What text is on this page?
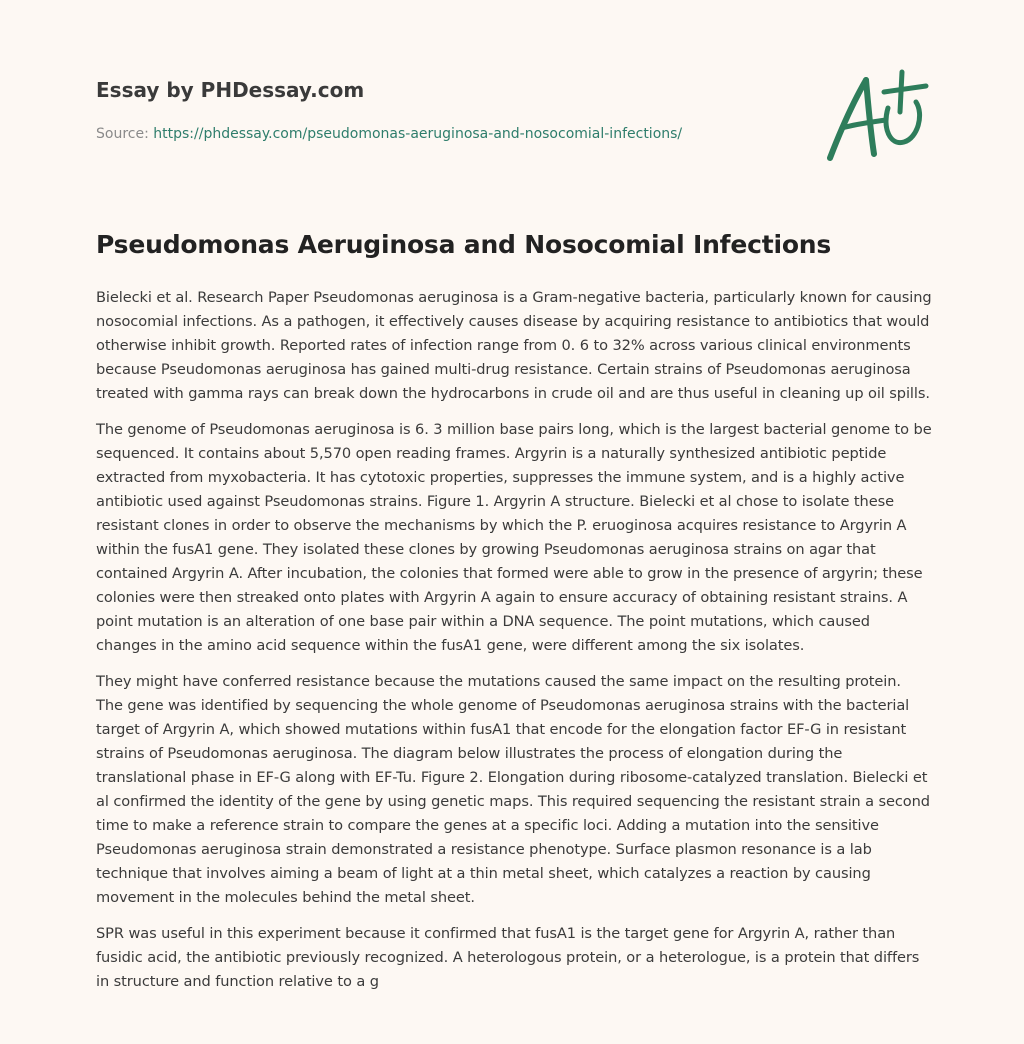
Essay by PHDessay.com
Source: https://phdessay.com/pseudomonas-aeruginosa-and-nosocomial-infections/
Pseudomonas Aeruginosa and Nosocomial Infections

Bielecki et al. Research Paper Pseudomonas aeruginosa is a Gram-negative bacteria, particularly known for causing nosocomial infections. As a pathogen, it effectively causes disease by acquiring resistance to antibiotics that would otherwise inhibit growth. Reported rates of infection range from 0. 6 to 32% across various clinical environments because Pseudomonas aeruginosa has gained multi-drug resistance. Certain strains of Pseudomonas aeruginosa treated with gamma rays can break down the hydrocarbons in crude oil and are thus useful in cleaning up oil spills.

The genome of Pseudomonas aeruginosa is 6. 3 million base pairs long, which is the largest bacterial genome to be sequenced. It contains about 5,570 open reading frames. Argyrin is a naturally synthesized antibiotic peptide extracted from myxobacteria. It has cytotoxic properties, suppresses the immune system, and is a highly active antibiotic used against Pseudomonas strains. Figure 1. Argyrin A structure. Bielecki et al chose to isolate these resistant clones in order to observe the mechanisms by which the P. eruoginosa acquires resistance to Argyrin A within the fusA1 gene. They isolated these clones by growing Pseudomonas aeruginosa strains on agar that contained Argyrin A. After incubation, the colonies that formed were able to grow in the presence of argyrin; these colonies were then streaked onto plates with Argyrin A again to ensure accuracy of obtaining resistant strains. A point mutation is an alteration of one base pair within a DNA sequence. The point mutations, which caused changes in the amino acid sequence within the fusA1 gene, were different among the six isolates.

They might have conferred resistance because the mutations caused the same impact on the resulting protein. The gene was identified by sequencing the whole genome of Pseudomonas aeruginosa strains with the bacterial target of Argyrin A, which showed mutations within fusA1 that encode for the elongation factor EF-G in resistant strains of Pseudomonas aeruginosa. The diagram below illustrates the process of elongation during the translational phase in EF-G along with EF-Tu. Figure 2. Elongation during ribosome-catalyzed translation. Bielecki et al confirmed the identity of the gene by using genetic maps. This required sequencing the resistant strain a second time to make a reference strain to compare the genes at a specific loci. Adding a mutation into the sensitive Pseudomonas aeruginosa strain demonstrated a resistance phenotype. Surface plasmon resonance is a lab technique that involves aiming a beam of light at a thin metal sheet, which catalyzes a reaction by causing movement in the molecules behind the metal sheet.

SPR was useful in this experiment because it confirmed that fusA1 is the target gene for Argyrin A, rather than fusidic acid, the antibiotic previously recognized. A heterologous protein, or a heterologue, is a protein that differs in structure and function relative to a g
